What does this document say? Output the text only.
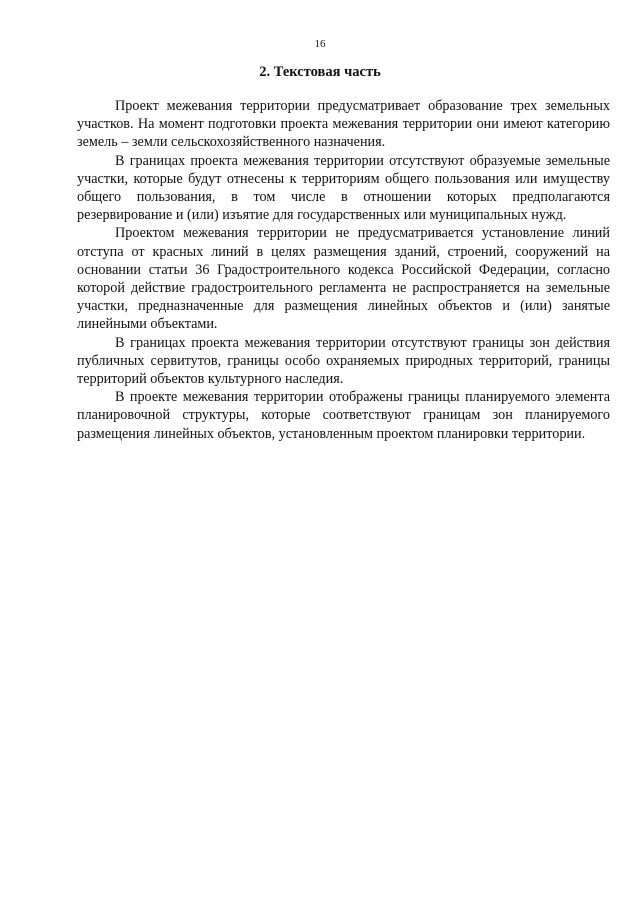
16
2. Текстовая часть

Проект межевания территории предусматривает образование трех земельных участков. На момент подготовки проекта межевания территории они имеют категорию земель – земли сельскохозяйственного назначения.

В границах проекта межевания территории отсутствуют образуемые земельные участки, которые будут отнесены к территориям общего пользования или имуществу общего пользования, в том числе в отношении которых предполагаются резервирование и (или) изъятие для государственных или муниципальных нужд.

Проектом межевания территории не предусматривается установление линий отступа от красных линий в целях размещения зданий, строений, сооружений на основании статьи 36 Градостроительного кодекса Российской Федерации, согласно которой действие градостроительного регламента не распространяется на земельные участки, предназначенные для размещения линейных объектов и (или) занятые линейными объектами.

В границах проекта межевания территории отсутствуют границы зон действия публичных сервитутов, границы особо охраняемых природных территорий, границы территорий объектов культурного наследия.

В проекте межевания территории отображены границы планируемого элемента планировочной структуры, которые соответствуют границам зон планируемого размещения линейных объектов, установленным проектом планировки территории.
